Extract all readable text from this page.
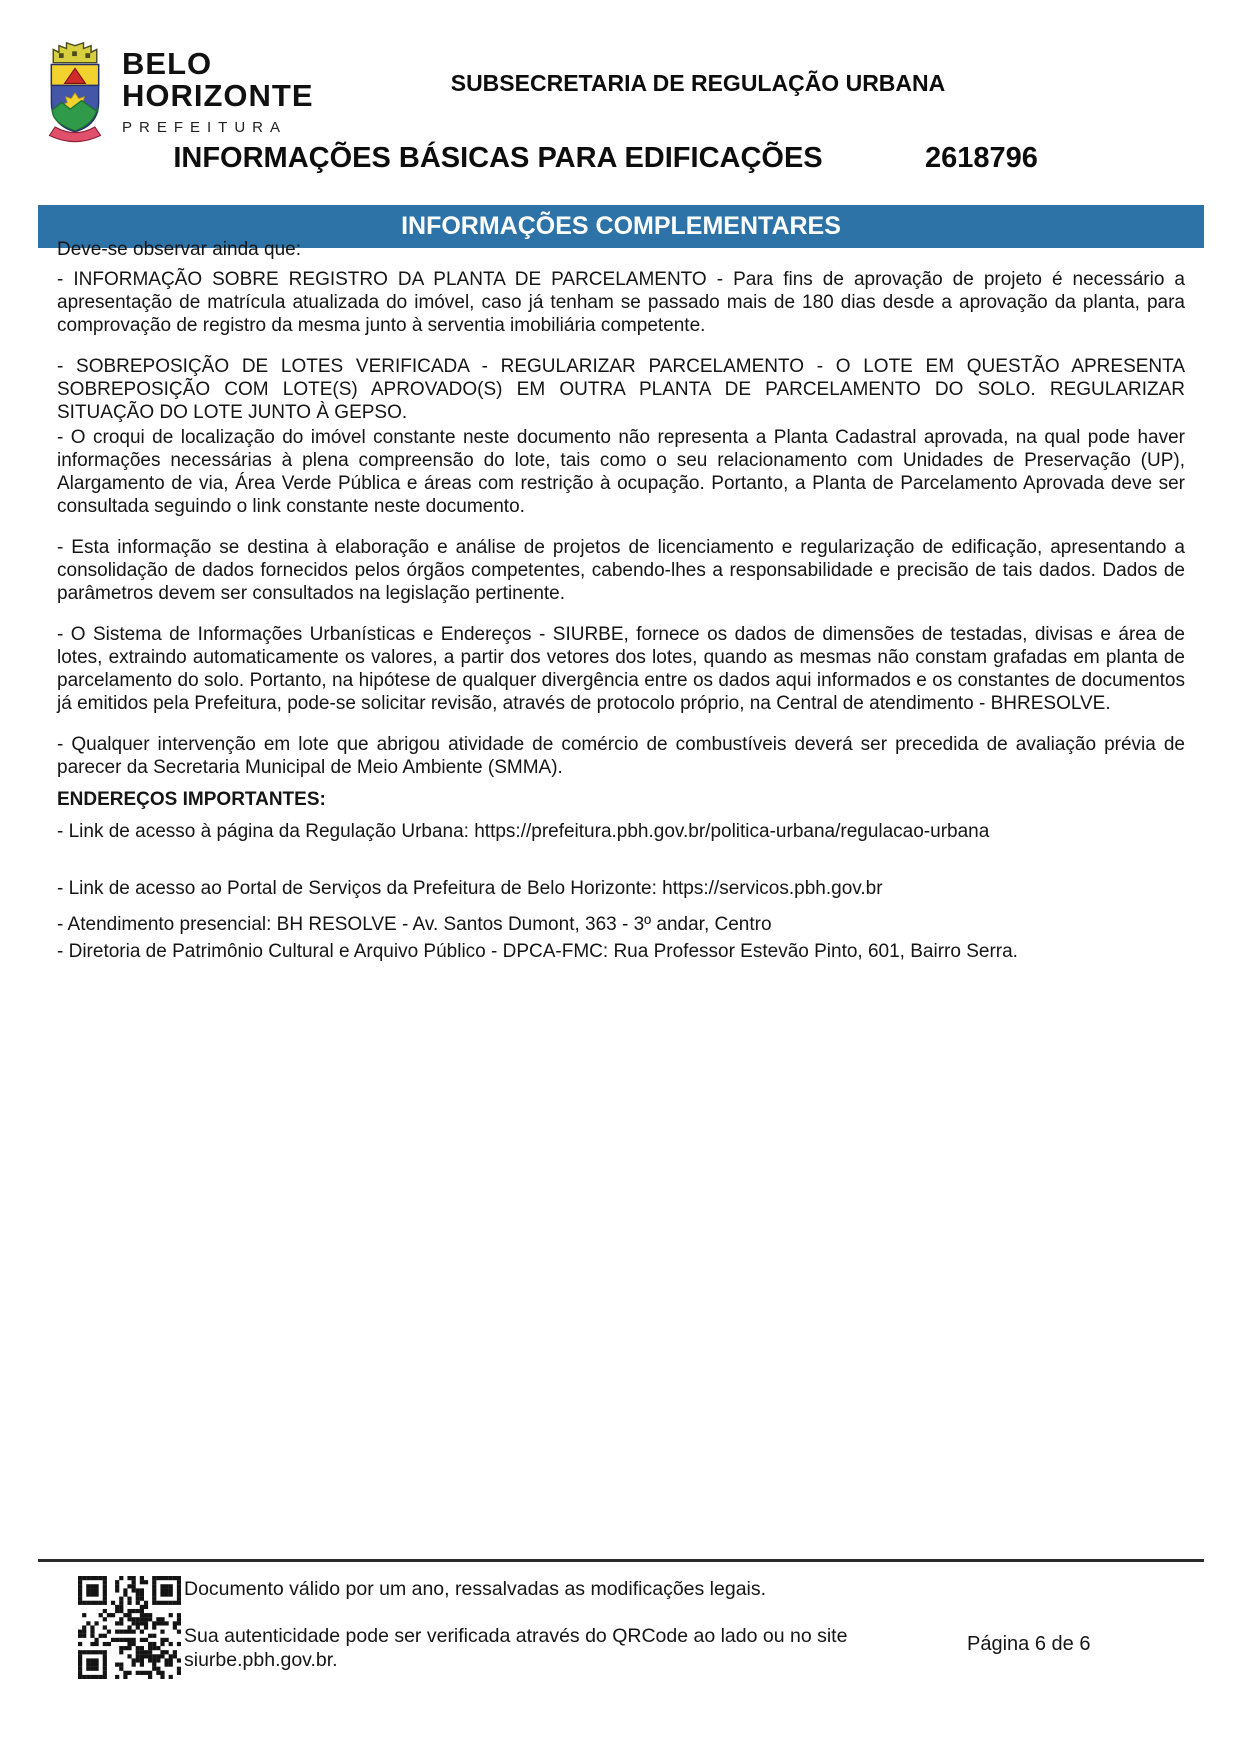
BELO
HORIZONTE
PREFEITURA
SUBSECRETARIA DE REGULAÇÃO URBANA
INFORMAÇÕES BÁSICAS PARA EDIFICAÇÕES	2618796
INFORMAÇÕES COMPLEMENTARES

Deve-se observar ainda que:

- INFORMAÇÃO SOBRE REGISTRO DA PLANTA DE PARCELAMENTO - Para fins de aprovação de projeto é necessário a apresentação de matrícula atualizada do imóvel, caso já tenham se passado mais de 180 dias desde a aprovação da planta, para comprovação de registro da mesma junto à serventia imobiliária competente.

- SOBREPOSIÇÃO DE LOTES VERIFICADA - REGULARIZAR PARCELAMENTO - O LOTE EM QUESTÃO APRESENTA SOBREPOSIÇÃO COM LOTE(S) APROVADO(S) EM OUTRA PLANTA DE PARCELAMENTO DO SOLO. REGULARIZAR SITUAÇÃO DO LOTE JUNTO À GEPSO.

- O croqui de localização do imóvel constante neste documento não representa a Planta Cadastral aprovada, na qual pode haver informações necessárias à plena compreensão do lote, tais como o seu relacionamento com Unidades de Preservação (UP), Alargamento de via, Área Verde Pública e áreas com restrição à ocupação. Portanto, a Planta de Parcelamento Aprovada deve ser consultada seguindo o link constante neste documento.

- Esta informação se destina à elaboração e análise de projetos de licenciamento e regularização de edificação, apresentando a consolidação de dados fornecidos pelos órgãos competentes, cabendo-lhes a responsabilidade e precisão de tais dados. Dados de parâmetros devem ser consultados na legislação pertinente.

- O Sistema de Informações Urbanísticas e Endereços - SIURBE, fornece os dados de dimensões de testadas, divisas e área de lotes, extraindo automaticamente os valores, a partir dos vetores dos lotes, quando as mesmas não constam grafadas em planta de parcelamento do solo. Portanto, na hipótese de qualquer divergência entre os dados aqui informados e os constantes de documentos já emitidos pela Prefeitura, pode-se solicitar revisão, através de protocolo próprio, na Central de atendimento - BHRESOLVE.

- Qualquer intervenção em lote que abrigou atividade de comércio de combustíveis deverá ser precedida de avaliação prévia de parecer da Secretaria Municipal de Meio Ambiente (SMMA).

ENDEREÇOS IMPORTANTES:

- Link de acesso à página da Regulação Urbana: https://prefeitura.pbh.gov.br/politica-urbana/regulacao-urbana

- Link de acesso ao Portal de Serviços da Prefeitura de Belo Horizonte: https://servicos.pbh.gov.br

- Atendimento presencial: BH RESOLVE - Av. Santos Dumont, 363 - 3º andar, Centro

- Diretoria de Patrimônio Cultural e Arquivo Público - DPCA-FMC: Rua Professor Estevão Pinto, 601, Bairro Serra.

Documento válido por um ano, ressalvadas as modificações legais.

Sua autenticidade pode ser verificada através do QRCode ao lado ou no site siurbe.pbh.gov.br.

Página 6 de 6
